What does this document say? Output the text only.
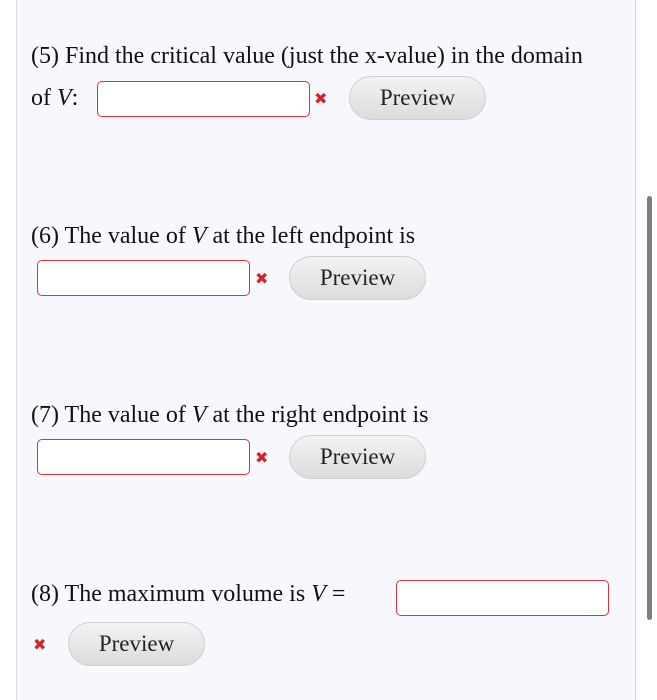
(5) Find the critical value (just the x-value) in the domain
of V:	✖	Preview
(6) The value of V at the left endpoint is
✖	Preview
(7) The value of V at the right endpoint is
✖	Preview
(8) The maximum volume is V =
✖	Preview
